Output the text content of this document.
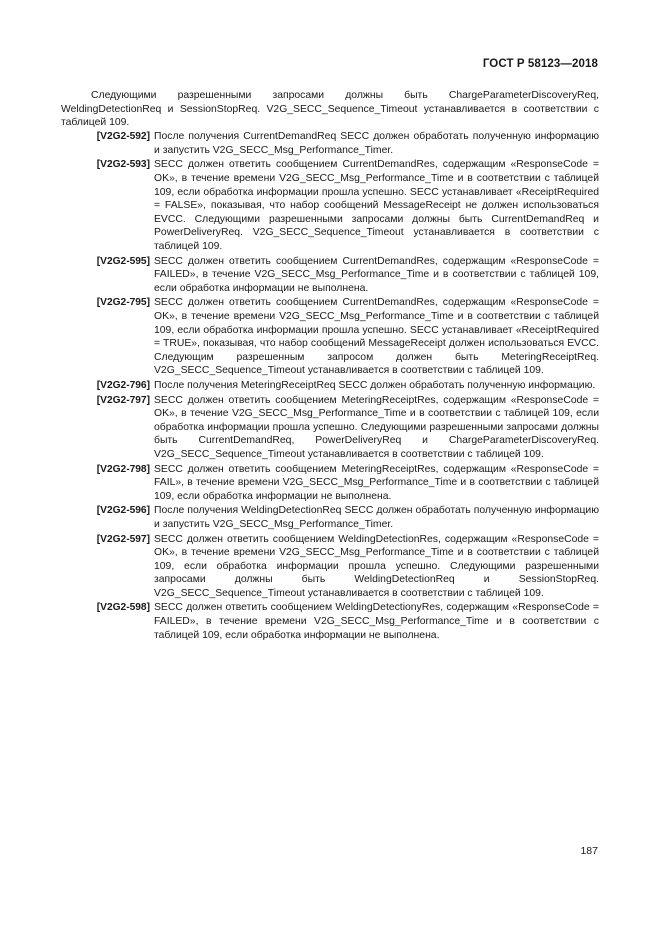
ГОСТ Р 58123—2018

Следующими разрешенными запросами должны быть ChargeParameterDiscoveryReq, WeldingDetectionReq и SessionStopReq. V2G_SECC_Sequence_Timeout устанавливается в соответствии с таблицей 109.

[V2G2-592] После получения CurrentDemandReq SECC должен обработать полученную информацию и запустить V2G_SECC_Msg_Performance_Timer.
[V2G2-593] SECC должен ответить сообщением CurrentDemandRes, содержащим «ResponseCode = OK», в течение времени V2G_SECC_Msg_Performance_Time и в соответствии с таблицей 109, если обработка информации прошла успешно. SECC устанавливает «ReceiptRequired = FALSE», показывая, что набор сообщений MessageReceipt не должен использоваться EVCC. Следующими разрешенными запросами должны быть CurrentDemandReq и PowerDeliveryReq. V2G_SECC_Sequence_Timeout устанавливается в соответствии с таблицей 109.
[V2G2-595] SECC должен ответить сообщением CurrentDemandRes, содержащим «ResponseCode = FAILED», в течение V2G_SECC_Msg_Performance_Time и в соответствии с таблицей 109, если обработка информации не выполнена.
[V2G2-795] SECC должен ответить сообщением CurrentDemandRes, содержащим «ResponseCode = OK», в течение времени V2G_SECC_Msg_Performance_Time и в соответствии с таблицей 109, если обработка информации прошла успешно. SECC устанавливает «ReceiptRequired = TRUE», показывая, что набор сообщений MessageReceipt должен использоваться EVCC. Следующим разрешенным запросом должен быть MeteringReceiptReq. V2G_SECC_Sequence_Timeout устанавливается в соответствии с таблицей 109.
[V2G2-796] После получения MeteringReceiptReq SECC должен обработать полученную информацию.
[V2G2-797] SECC должен ответить сообщением MeteringReceiptRes, содержащим «ResponseCode = OK», в течение V2G_SECC_Msg_Performance_Time и в соответствии с таблицей 109, если обработка информации прошла успешно. Следующими разрешенными запросами должны быть CurrentDemandReq, PowerDeliveryReq и ChargeParameterDiscoveryReq. V2G_SECC_Sequence_Timeout устанавливается в соответствии с таблицей 109.
[V2G2-798] SECC должен ответить сообщением MeteringReceiptRes, содержащим «ResponseCode = FAIL», в течение времени V2G_SECC_Msg_Performance_Time и в соответствии с таблицей 109, если обработка информации не выполнена.
[V2G2-596] После получения WeldingDetectionReq SECC должен обработать полученную информацию и запустить V2G_SECC_Msg_Performance_Timer.
[V2G2-597] SECC должен ответить сообщением WeldingDetectionRes, содержащим «ResponseCode = OK», в течение времени V2G_SECC_Msg_Performance_Time и в соответствии с таблицей 109, если обработка информации прошла успешно. Следующими разрешенными запросами должны быть WeldingDetectionReq и SessionStopReq. V2G_SECC_Sequence_Timeout устанавливается в соответствии с таблицей 109.
[V2G2-598] SECC должен ответить сообщением WeldingDetectionyRes, содержащим «ResponseCode = FAILED», в течение времени V2G_SECC_Msg_Performance_Time и в соответствии с таблицей 109, если обработка информации не выполнена.
187
